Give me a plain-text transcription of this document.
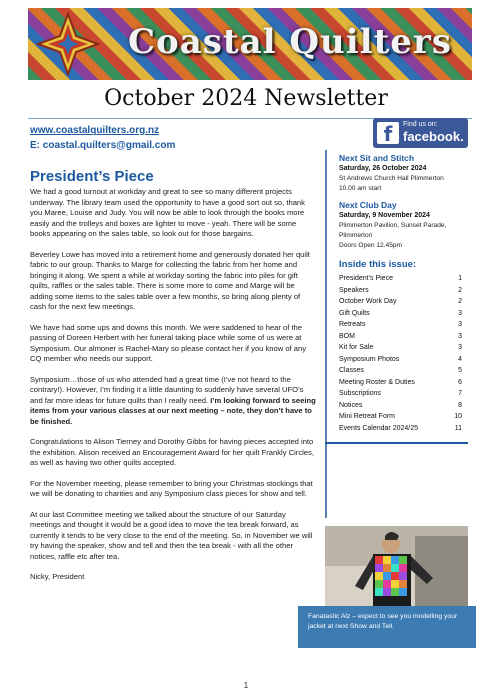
Coastal Quilters
October 2024 Newsletter
www.coastalquilters.org.nz
E: coastal.quilters@gmail.com	f	Find us on:
facebook.
President’s Piece

We had a good turnout at workday and great to see so many different projects underway. The library team used the opportunity to have a good sort out so, thank you Maree, Louise and Judy. You will now be able to look through the books more easily and the trolleys and boxes are lighter to move - yeah. There will be some books appearing on the sales table, so look out for those bargains.

Beverley Lowe has moved into a retirement home and generously donated her quilt fabric to our group. Thanks to Marge for collecting the fabric from her home and bringing it along. We spent a while at workday sorting the fabric into piles for gift quilts, raffles or the sales table. There is some more to come and Marge will be adding some items to the sales table over a few months, so bring along plenty of cash for the next few meetings.

We have had some ups and downs this month. We were saddened to hear of the passing of Doreen Herbert with her funeral taking place while some of us were at Symposium. Our almoner is Rachel-Mary so please contact her if you know of any CQ member who needs our support.

Symposium…those of us who attended had a great time (I’ve not heard to the contrary!). However, I’m finding it a little daunting to suddenly have several UFO’s and far more ideas for future quilts than I really need. I’m looking forward to seeing items from your various classes at our next meeting – note, they don’t have to be finished.

Congratulations to Alison Tierney and Dorothy Gibbs for having pieces accepted into the exhibition. Alison received an Encouragement Award for her quilt Frankly Circles, as well as having two other quilts accepted.

For the November meeting, please remember to bring your Christmas stockings that we will be donating to charities and any Symposium class pieces for show and tell.

At our last Committee meeting we talked about the structure of our Saturday meetings and thought it would be a good idea to move the tea break forward, as currently it tends to be very close to the end of the meeting. So, in November we will try having the speaker, show and tell and then the tea break - with all the other notices, raffle etc after tea.

Nicky, President

Next Sit and Stitch
Saturday, 26 October 2024
St Andrews Church Hall Plimmerton
10.00 am start
Next Club Day
Saturday, 9 November 2024
Plimmerton Pavilion, Sunset Parade,
Plimmerton
Doors Open 12.45pm
Inside this issue:
President’s Piece	1
Speakers	2
October Work Day	2
Gift Quilts	3
Retreats	3
BOM	3
Kit for Sale	3
Symposium Photos	4
Classes	5
Meeting Roster & Duties	6
Subscriptions	7
Notices	8
Mini Retreat Form	10
Events Calendar 2024/25	11
Fanatastic Alz – expect to see you modelling your jacket at next Show and Tell.
1
